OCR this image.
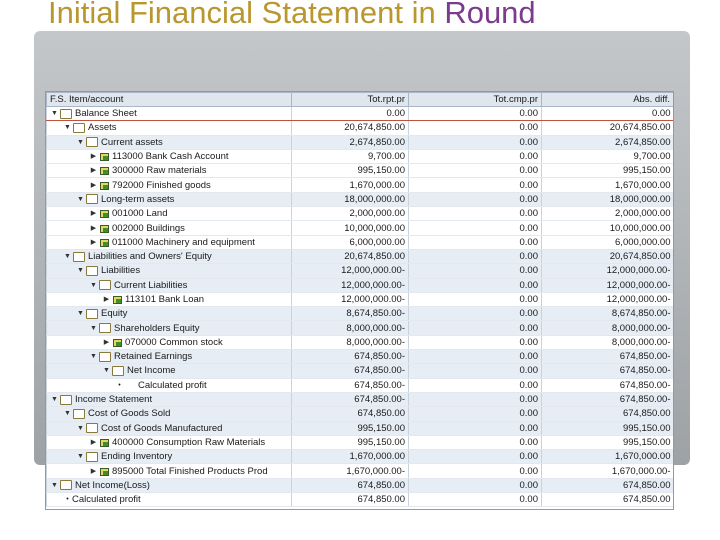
Initial Financial Statement in Round

F.S. Item/account	Tot.rpt.pr	Tot.cmp.pr	Abs. diff.
▼ Balance Sheet	0.00	0.00	0.00
▼ Assets	20,674,850.00	0.00	20,674,850.00
▼ Current assets	2,674,850.00	0.00	2,674,850.00
▶ 113000 Bank Cash Account	9,700.00	0.00	9,700.00
▶ 300000 Raw materials	995,150.00	0.00	995,150.00
▶ 792000 Finished goods	1,670,000.00	0.00	1,670,000.00
▼ Long-term assets	18,000,000.00	0.00	18,000,000.00
▶ 001000 Land	2,000,000.00	0.00	2,000,000.00
▶ 002000 Buildings	10,000,000.00	0.00	10,000,000.00
▶ 011000 Machinery and equipment	6,000,000.00	0.00	6,000,000.00
▼ Liabilities and Owners' Equity	20,674,850.00	0.00	20,674,850.00
▼ Liabilities	12,000,000.00-	0.00	12,000,000.00-
▼ Current Liabilities	12,000,000.00-	0.00	12,000,000.00-
▶ 113101 Bank Loan	12,000,000.00-	0.00	12,000,000.00-
▼ Equity	8,674,850.00-	0.00	8,674,850.00-
▼ Shareholders Equity	8,000,000.00-	0.00	8,000,000.00-
▶ 070000 Common stock	8,000,000.00-	0.00	8,000,000.00-
▼ Retained Earnings	674,850.00-	0.00	674,850.00-
▼ Net Income	674,850.00-	0.00	674,850.00-
• Calculated profit	674,850.00-	0.00	674,850.00-
▼ Income Statement	674,850.00-	0.00	674,850.00-
▼ Cost of Goods Sold	674,850.00	0.00	674,850.00
▼ Cost of Goods Manufactured	995,150.00	0.00	995,150.00
▶ 400000 Consumption Raw Materials	995,150.00	0.00	995,150.00
▼ Ending Inventory	1,670,000.00	0.00	1,670,000.00
▶ 895000 Total Finished Products Prod	1,670,000.00-	0.00	1,670,000.00-
▼ Net Income(Loss)	674,850.00	0.00	674,850.00
• Calculated profit	674,850.00	0.00	674,850.00
